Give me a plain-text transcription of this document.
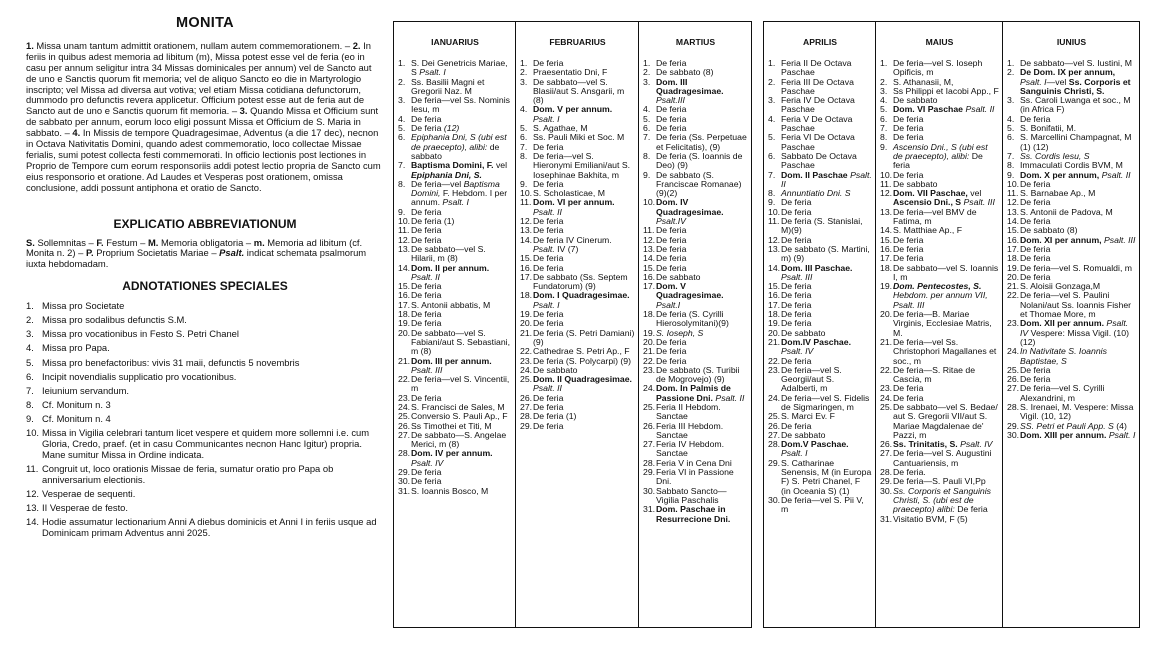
MONITA

1. Missa unam tantum admittit orationem, nullam autem commemorationem. – 2. In feriis in quibus adest memoria ad libitum (m), Missa potest esse vel de feria (eo in casu per annum seligitur intra 34 Missas dominicales per annum) vel de Sancto aut de uno e Sanctis quorum fit memoria; vel de aliquo Sancto eo die in Martyrologio inscripto; vel Missa ad diversa aut votiva; vel etiam Missa cotidiana defunctorum, dummodo pro defunctis revera applicetur. Officium potest esse aut de feria aut de Sancto aut de uno e Sanctis quorum fit memoria. – 3. Quando Missa et Officium sunt de sabbato per annum, eorum loco eligi possunt Missa et Officium de S. Maria in sabbato. – 4. In Missis de tempore Quadragesimae, Adventus (a die 17 dec), necnon in Octava Nativitatis Domini, quando adest commemoratio, loco collectae Missae ferialis, sumi potest collecta festi commemorati. In officio lectionis post lectiones in Proprio de Tempore cum eorum responsoriis addi potest lectio propria de Sancto cum eius responsorio et oratione. Ad Laudes et Vesperas post orationem, omissa conclusione, addi possunt antiphona et oratio de Sancto.

EXPLICATIO ABBREVIATIONUM

S. Sollemnitas – F. Festum – M. Memoria obligatoria – m. Memoria ad libitum (cf. Monita n. 2) – P. Proprium Societatis Mariae – Psalt. indicat schemata psalmorum iuxta hebdomadam.

ADNOTATIONES SPECIALES
1. Missa pro Societate
2. Missa pro sodalibus defunctis S.M.
3. Missa pro vocationibus in Festo S. Petri Chanel
4. Missa pro Papa.
5. Missa pro benefactoribus: vivis 31 maii, defunctis 5 novembris
6. Incipit novendialis supplicatio pro vocationibus.
7. Ieiunium servandum.
8. Cf. Monitum n. 3
9. Cf. Monitum n. 4
10. Missa in Vigilia celebrari tantum licet vespere et quidem more sollemni i.e. cum Gloria, Credo, praef. (et in casu Communicantes necnon Hanc Igitur) propria. Mane sumitur Missa in Ordine indicata.
11. Congruit ut, loco orationis Missae de feria, sumatur oratio pro Papa ob anniversarium electionis.
12. Vesperae de sequenti.
13. II Vesperae de festo.
14. Hodie assumatur lectionarium Anni A diebus dominicis et Anni I in feriis usque ad Dominicam primam Adventus anni 2025.
IANUARIUS
1. S. Dei Genetricis Mariae, S Psalt. I
2. Ss. Basilii Magni et Gregorii Naz. M
3. De feria—vel Ss. Nominis Iesu, m
4. De feria
5. De feria (12)
6. Epiphania Dni, S (ubi est de praecepto), alibi: de sabbato
7. Baptisma Domini, F. vel Epiphania Dni, S.
8. De feria—vel Baptisma Domini, F. Hebdom. I per annum. Psalt. I
9. De feria
10. De feria (1)
11. De feria
12. De feria
13. De sabbato—vel S. Hilarii, m (8)
14. Dom. II per annum. Psalt. II
15. De feria
16. De feria
17. S. Antonii abbatis, M
18. De feria
19. De feria
20. De sabbato—vel S. Fabiani/aut S. Sebastiani, m (8)
21. Dom. III per annum. Psalt. III
22. De feria—vel S. Vincentii, m
23. De feria
24. S. Francisci de Sales, M
25. Conversio S. Pauli Ap., F
26. Ss Timothei et Titi, M
27. De sabbato—S. Angelae Merici, m (8)
28. Dom. IV per annum. Psalt. IV
29. De feria
30. De feria
31. S. Ioannis Bosco, M
FEBRUARIUS
1. De feria
2. Praesentatio Dni, F
3. De sabbato—vel S. Blasii/aut S. Ansgarii, m (8)
4. Dom. V per annum. Psalt. I
5. S. Agathae, M
6. Ss. Pauli Miki et Soc. M
7. De feria
8. De feria—vel S. Hieronymi Emiliani/aut S. Iosephinae Bakhita, m
9. De feria
10. S. Scholasticae, M
11. Dom. VI per annum. Psalt. II
12. De feria
13. De feria
14. De feria IV Cinerum. Psalt. IV (7)
15. De feria
16. De feria
17. De sabbato (Ss. Septem Fundatorum) (9)
18. Dom. I Quadragesimae. Psalt. I
19. De feria
20. De feria
21. De feria (S. Petri Damiani) (9)
22. Cathedrae S. Petri Ap., F
23. De feria (S. Polycarpi) (9)
24. De sabbato
25. Dom. II Quadragesimae. Psalt. II
26. De feria
27. De feria
28. De feria (1)
29. De feria
MARTIUS
1. De feria
2. De sabbato (8)
3. Dom. III Quadragesimae. Psalt.III
4. De feria
5. De feria
6. De feria
7. De feria (Ss. Perpetuae et Felicitatis), (9)
8. De feria (S. Ioannis de Deo) (9)
9. De sabbato (S. Franciscae Romanae) (9)(2)
10. Dom. IV Quadragesimae. Psalt.IV
11. De feria
12. De feria
13. De feria
14. De feria
15. De feria
16. De sabbato
17. Dom. V Quadragesimae. Psalt.I
18. De feria (S. Cyrilli Hierosolymitani)(9)
19. S. Ioseph, S
20. De feria
21. De feria
22. De feria
23. De sabbato (S. Turibii de Mogrovejo) (9)
24. Dom. In Palmis de Passione Dni. Psalt. II
25. Feria II Hebdom. Sanctae
26. Feria III Hebdom. Sanctae
27. Feria IV Hebdom. Sanctae
28. Feria V in Cena Dni
29. Feria VI in Passione Dni.
30. Sabbato Sancto—Vigilia Paschalis
31. Dom. Paschae in Resurrecione Dni.
APRILIS
1. Feria II De Octava Paschae
2. Feria III De Octava Paschae
3. Feria IV De Octava Paschae
4. Feria V De Octava Paschae
5. Feria VI De Octava Paschae
6. Sabbato De Octava Paschae
7. Dom. II Paschae Psalt. II
8. Annuntiatio Dni. S
9. De feria
10. De feria
11. De feria (S. Stanislai, M)(9)
12. De feria
13. De sabbato (S. Martini, m) (9)
14. Dom. III Paschae. Psalt. III
15. De feria
16. De feria
17. De feria
18. De feria
19. De feria
20. De sabbato
21. Dom.IV Paschae. Psalt. IV
22. De feria
23. De feria—vel S. Georgii/aut S. Adalberti, m
24. De feria—vel S. Fidelis de Sigmaringen, m
25. S. Marci Ev. F
26. De feria
27. De sabbato
28. Dom.V Paschae. Psalt. I
29. S. Catharinae Senensis, M (in Europa F) S. Petri Chanel, F (in Oceania S) (1)
30. De feria—vel S. Pii V, m
MAIUS
1. De feria—vel S. Ioseph Opificis, m
2. S. Athanasii, M,
3. Ss Philippi et Iacobi App., F
4. De sabbato
5. Dom. VI Paschae Psalt. II
6. De feria
7. De feria
8. De feria
9. Ascensio Dni., S (ubi est de praecepto), alibi: De feria
10. De feria
11. De sabbato
12. Dom. VII Paschae, vel Ascensio Dni., S Psalt. III
13. De feria—vel BMV de Fatima, m
14. S. Matthiae Ap., F
15. De feria
16. De feria
17. De feria
18. De sabbato—vel S. Ioannis I, m
19. Dom. Pentecostes, S. Hebdom. per annum VII, Psalt. III
20. De feria—B. Mariae Virginis, Ecclesiae Matris, M.
21. De feria—vel Ss. Christophori Magallanes et soc., m
22. De feria—S. Ritae de Cascia, m
23. De feria
24. De feria
25. De sabbato—vel S. Bedae/ aut S. Gregorii VII/aut S. Mariae Magdalenae de' Pazzi, m
26. Ss. Trinitatis, S. Psalt. IV
27. De feria—vel S. Augustini Cantuariensis, m
28. De feria.
29. De feria—S. Pauli VI,Pp
30. Ss. Corporis et Sanguinis Christi, S. (ubi est de praecepto) alibi: De feria
31. Visitatio BVM, F (5)
IUNIUS
1. De sabbato—vel S. Iustini, M
2. De Dom. IX per annum, Psalt. I—vel Ss. Corporis et Sanguinis Christi, S.
3. Ss. Caroli Lwanga et soc., M (in Africa F)
4. De feria
5. S. Bonifatii, M.
6. S. Marcellini Champagnat, M (1) (12)
7. Ss. Cordis Iesu, S
8. Immaculati Cordis BVM, M
9. Dom. X per annum, Psalt. II
10. De feria
11. S. Barnabae Ap., M
12. De feria
13. S. Antonii de Padova, M
14. De feria
15. De sabbato (8)
16. Dom. XI per annum, Psalt. III
17. De feria
18. De feria
19. De feria—vel S. Romualdi, m
20. De feria
21. S. Aloisii Gonzaga,M
22. De feria—vel S. Paulini Nolani/aut Ss. Ioannis Fisher et Thomae More, m
23. Dom. XII per annum. Psalt. IV Vespere: Missa Vigil. (10) (12)
24. In Nativitate S. Ioannis Baptistae, S
25. De feria
26. De feria
27. De feria—vel S. Cyrilli Alexandrini, m
28. S. Irenaei, M. Vespere: Missa Vigil. (10, 12)
29. SS. Petri et Pauli App. S (4)
30. Dom. XIII per annum. Psalt. I
